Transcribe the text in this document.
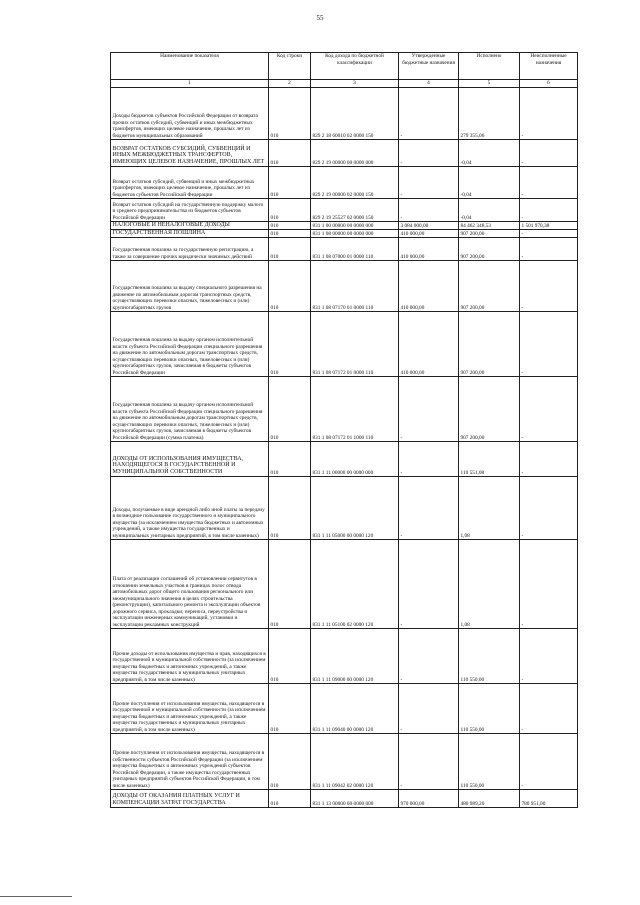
55
Наименование показателя	Код строки	Код дохода по бюджетной классификации	Утвержденные бюджетные назначения	Исполнено	Неисполненные назначения
1	2	3	4	5	6
Доходы бюджетов субъектов Российской Федерации от возврата прочих остатков субсидий, субвенций и иных межбюджетных трансфертов, имеющих целевое назначение, прошлых лет из бюджетов муниципальных образований	010	829 2 18 60010 02 0000 150	-	279 355,06	-
ВОЗВРАТ ОСТАТКОВ СУБСИДИЙ, СУБВЕНЦИЙ И ИНЫХ МЕЖБЮДЖЕТНЫХ ТРАНСФЕРТОВ, ИМЕЮЩИХ ЦЕЛЕВОЕ НАЗНАЧЕНИЕ, ПРОШЛЫХ ЛЕТ	010	829 2 19 00000 00 0000 000	-	-0,04	-
Возврат остатков субсидий, субвенций и иных межбюджетных трансфертов, имеющих целевое назначение, прошлых лет из бюджетов субъектов Российской Федерации	010	829 2 19 00000 02 0000 150	-	-0,04	-
Возврат остатков субсидий на государственную поддержку малого и среднего предпринимательства из бюджетов субъектов Российской Федерации	010	829 2 19 25527 02 0000 150	-	-0,04	-
НАЛОГОВЫЕ И НЕНАЛОГОВЫЕ ДОХОДЫ	010	831 1 00 00000 00 0000 000	3 084 000,00	84 462 348,53	1 501 970,38
ГОСУДАРСТВЕННАЯ ПОШЛИНА	010	831 1 08 00000 00 0000 000	410 000,00	907 200,00	-
Государственная пошлина за государственную регистрацию, а также за совершение прочих юридически значимых действий	010	831 1 08 07000 01 0000 110	410 000,00	907 200,00	-
Государственная пошлина за выдачу специального разрешения на движение по автомобильным дорогам транспортных средств, осуществляющих перевозки опасных, тяжеловесных и (или) крупногабаритных грузов	010	831 1 08 07170 01 0000 110	410 000,00	907 200,00	-
Государственная пошлина за выдачу органом исполнительной власти субъекта Российской Федерации специального разрешения на движение по автомобильным дорогам транспортных средств, осуществляющих перевозки опасных, тяжеловесных и (или) крупногабаритных грузов, зачисляемая в бюджеты субъектов Российской Федерации	010	831 1 08 07172 01 0000 110	410 000,00	907 200,00	-
Государственная пошлина за выдачу органом исполнительной власти субъекта Российской Федерации специального разрешения на движение по автомобильным дорогам транспортных средств, осуществляющих перевозки опасных, тяжеловесных и (или) крупногабаритных грузов, зачисляемая в бюджеты субъектов Российской Федерации (сумма платежа)	010	831 1 08 07172 01 1000 110	-	907 200,00	-
ДОХОДЫ ОТ ИСПОЛЬЗОВАНИЯ ИМУЩЕСТВА, НАХОДЯЩЕГОСЯ В ГОСУДАРСТВЕННОЙ И МУНИЦИПАЛЬНОЙ СОБСТВЕННОСТИ	010	831 1 11 00000 00 0000 000	-	110 551,08	-
Доходы, получаемые в виде арендной либо иной платы за передачу в возмездное пользование государственного и муниципального имущества (за исключением имущества бюджетных и автономных учреждений, а также имущества государственных и муниципальных унитарных предприятий, в том числе казенных)	010	831 1 11 05000 00 0000 120	-	1,08	-
Плата от реализации соглашений об установлении сервитутов в отношении земельных участков в границах полос отвода автомобильных дорог общего пользования регионального или межмуниципального значения в целях строительства (реконструкции), капитального ремонта и эксплуатации объектов дорожного сервиса, прокладки, переноса, переустройства и эксплуатации инженерных коммуникаций, установки и эксплуатации рекламных конструкций	010	831 1 11 05100 02 0000 120	-	1,08	-
Прочие доходы от использования имущества и прав, находящихся в государственной и муниципальной собственности (за исключением имущества бюджетных и автономных учреждений, а также имущества государственных и муниципальных унитарных предприятий, в том числе казенных)	010	831 1 11 09000 00 0000 120	-	110 550,00	-
Прочие поступления от использования имущества, находящегося в государственной и муниципальной собственности (за исключением имущества бюджетных и автономных учреждений, а также имущества государственных и муниципальных унитарных предприятий, в том числе казенных)	010	831 1 11 09040 00 0000 120	-	110 550,00	-
Прочие поступления от использования имущества, находящегося в собственности субъектов Российской Федерации (за исключением имущества бюджетных и автономных учреждений субъектов Российской Федерации, а также имущества государственных унитарных предприятий субъектов Российской Федерации, в том числе казенных)	010	831 1 11 09042 02 0000 120	-	110 550,00	-
ДОХОДЫ ОТ ОКАЗАНИЯ ПЛАТНЫХ УСЛУГ И КОМПЕНСАЦИИ ЗАТРАТ ГОСУДАРСТВА	010	831 1 13 00000 00 0000 000	970 000,00	480 989,20	780 951,00
